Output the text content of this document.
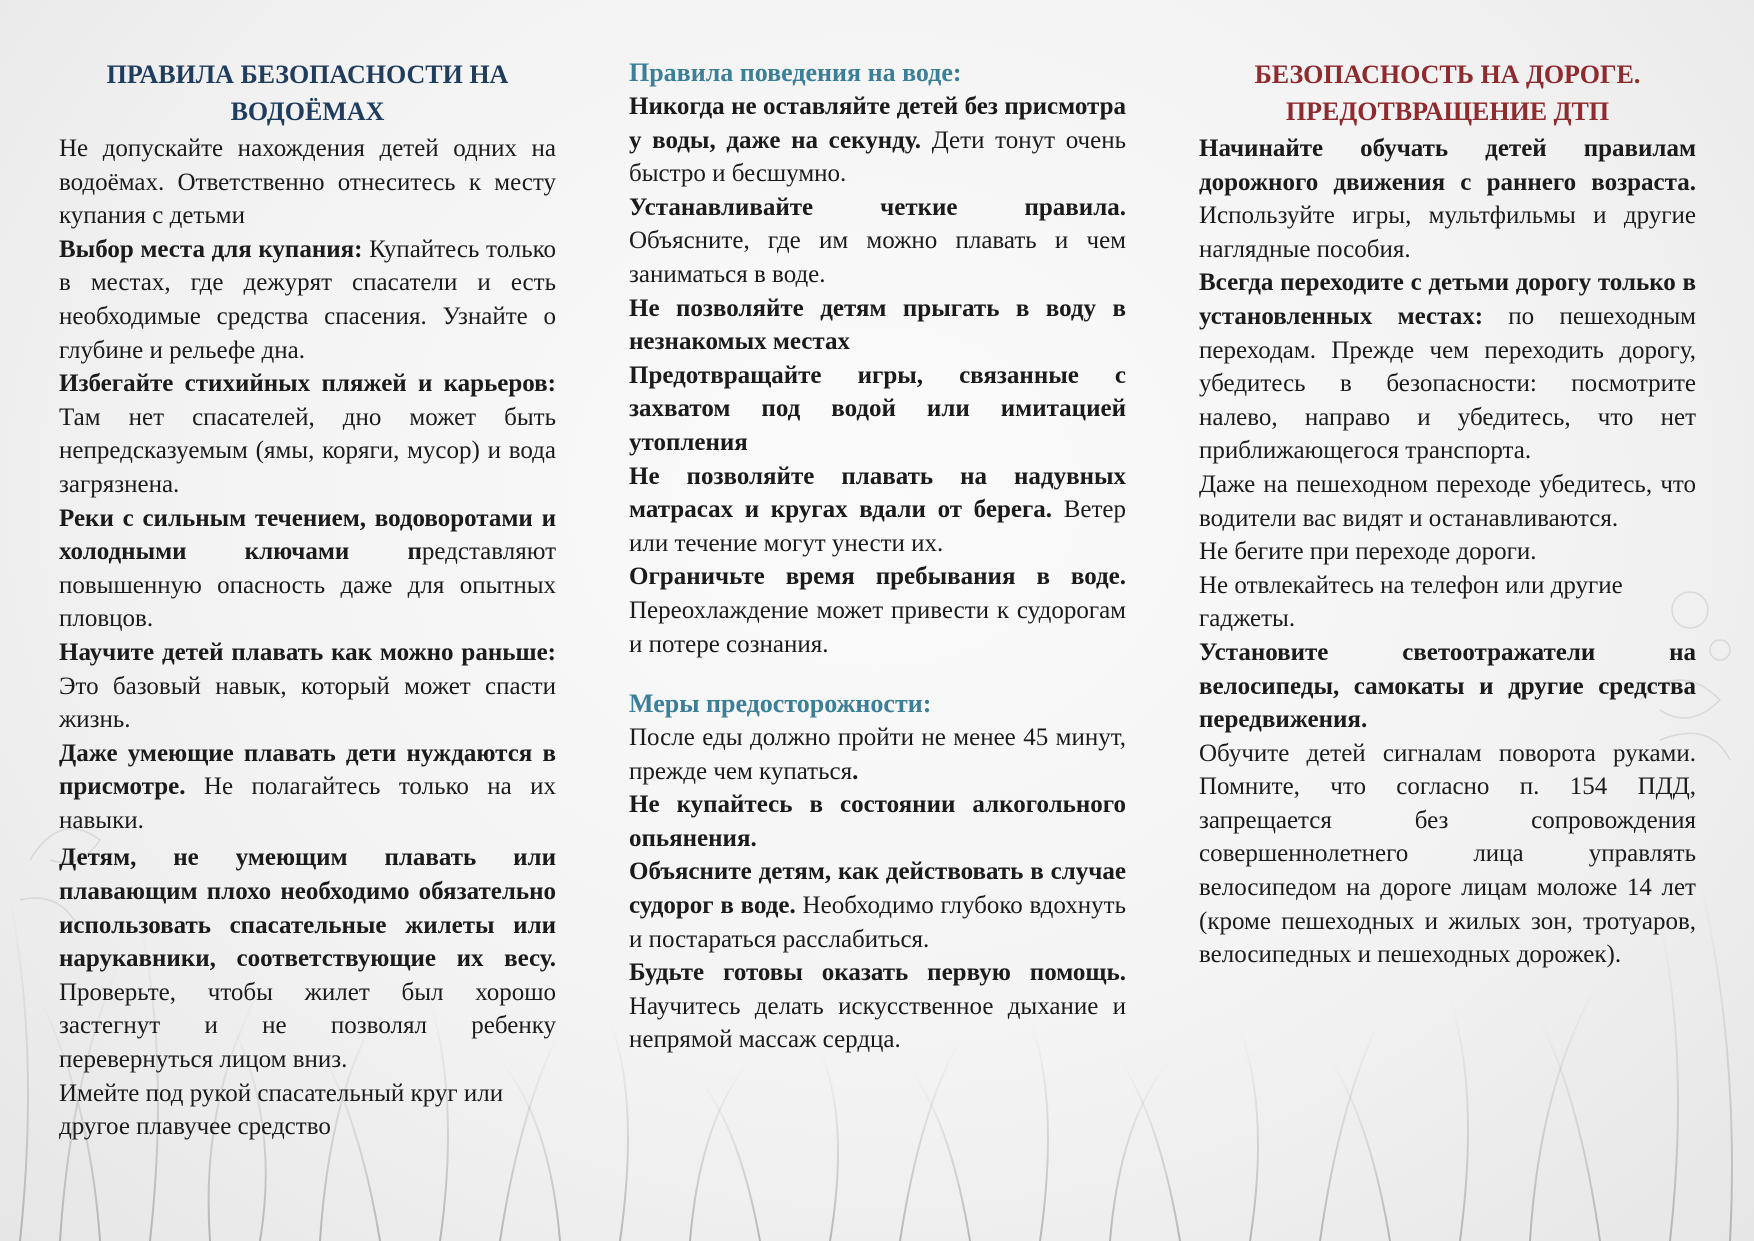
ПРАВИЛА БЕЗОПАСНОСТИ НА
ВОДОЁМАХ

Не допускайте нахождения детей одних на водоёмах. Ответственно отнеситесь к месту купания с детьми

Выбор места для купания: Купайтесь только в местах, где дежурят спасатели и есть необходимые средства спасения. Узнайте о глубине и рельефе дна.

Избегайте стихийных пляжей и карьеров: Там нет спасателей, дно может быть непредсказуемым (ямы, коряги, мусор) и вода загрязнена.

Реки с сильным течением, водоворотами и холодными ключами представляют повышенную опасность даже для опытных пловцов.

Научите детей плавать как можно раньше: Это базовый навык, который может спасти жизнь.

Даже умеющие плавать дети нуждаются в присмотре. Не полагайтесь только на их навыки.

Детям, не умеющим плавать или плавающим плохо необходимо обязательно использовать спасательные жилеты или нарукавники, соответствующие их весу. Проверьте, чтобы жилет был хорошо застегнут и не позволял ребенку перевернуться лицом вниз.

Имейте под рукой спасательный круг или другое плавучее средство

Правила поведения на воде:

Никогда не оставляйте детей без присмотра у воды, даже на секунду. Дети тонут очень быстро и бесшумно.

Устанавливайте четкие правила. Объясните, где им можно плавать и чем заниматься в воде.

Не позволяйте детям прыгать в воду в незнакомых местах

Предотвращайте игры, связанные с захватом под водой или имитацией утопления

Не позволяйте плавать на надувных матрасах и кругах вдали от берега. Ветер или течение могут унести их.

Ограничьте время пребывания в воде. Переохлаждение может привести к судорогам и потере сознания.

Меры предосторожности:

После еды должно пройти не менее 45 минут, прежде чем купаться.

Не купайтесь в состоянии алкогольного опьянения.

Объясните детям, как действовать в случае судорог в воде. Необходимо глубоко вдохнуть и постараться расслабиться.

Будьте готовы оказать первую помощь. Научитесь делать искусственное дыхание и непрямой массаж сердца.

БЕЗОПАСНОСТЬ НА ДОРОГЕ.
ПРЕДОТВРАЩЕНИЕ ДТП

Начинайте обучать детей правилам дорожного движения с раннего возраста. Используйте игры, мультфильмы и другие наглядные пособия.

Всегда переходите с детьми дорогу только в установленных местах: по пешеходным переходам. Прежде чем переходить дорогу, убедитесь в безопасности: посмотрите налево, направо и убедитесь, что нет приближающегося транспорта.

Даже на пешеходном переходе убедитесь, что водители вас видят и останавливаются.

Не бегите при переходе дороги.

Не отвлекайтесь на телефон или другие гаджеты.

Установите светоотражатели на велосипеды, самокаты и другие средства передвижения.

Обучите детей сигналам поворота руками. Помните, что согласно п. 154 ПДД, запрещается без сопровождения совершеннолетнего лица управлять велосипедом на дороге лицам моложе 14 лет (кроме пешеходных и жилых зон, тротуаров, велосипедных и пешеходных дорожек).
